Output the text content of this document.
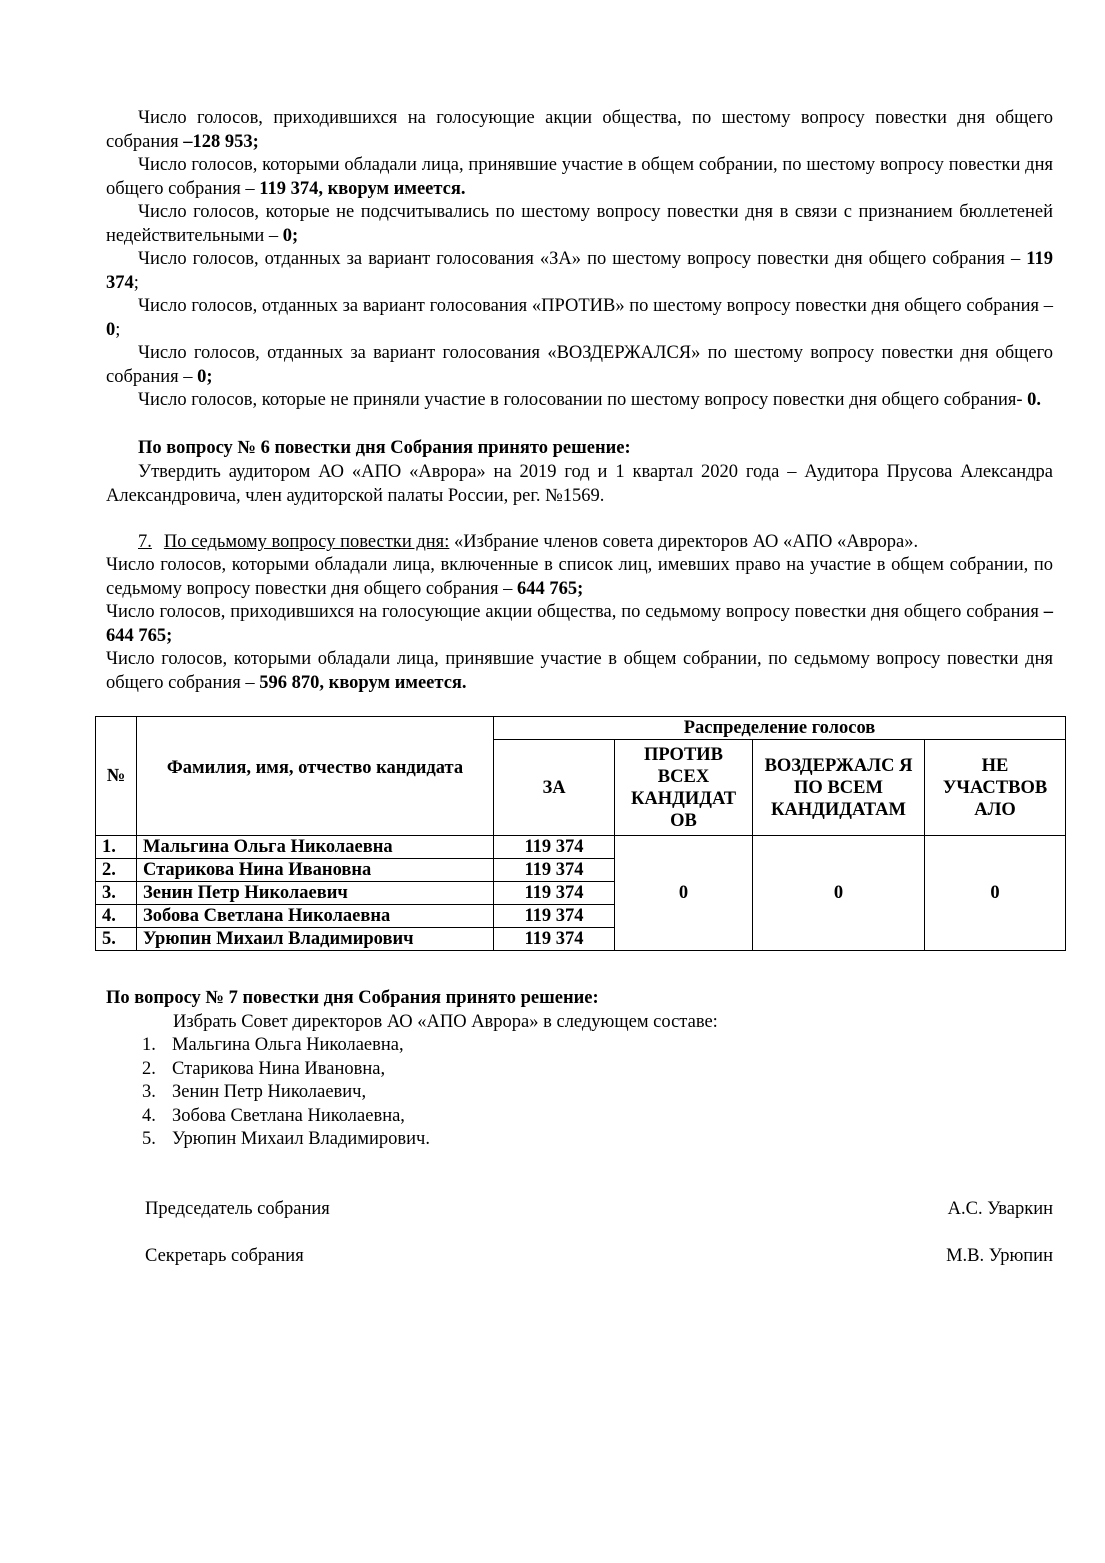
Число голосов, приходившихся на голосующие акции общества, по шестому вопросу повестки дня общего собрания –128 953;

Число голосов, которыми обладали лица, принявшие участие в общем собрании, по шестому вопросу повестки дня общего собрания – 119 374, кворум имеется.

Число голосов, которые не подсчитывались по шестому вопросу повестки дня в связи с признанием бюллетеней недействительными – 0;

Число голосов, отданных за вариант голосования «ЗА» по шестому вопросу повестки дня общего собрания – 119 374;

Число голосов, отданных за вариант голосования «ПРОТИВ» по шестому вопросу повестки дня общего собрания – 0;

Число голосов, отданных за вариант голосования «ВОЗДЕРЖАЛСЯ» по шестому вопросу повестки дня общего собрания – 0;

Число голосов, которые не приняли участие в голосовании по шестому вопросу повестки дня общего собрания- 0.

По вопросу № 6 повестки дня Собрания принято решение:

Утвердить аудитором АО «АПО «Аврора» на 2019 год и 1 квартал 2020 года – Аудитора Прусова Александра Александровича, член аудиторской палаты России, рег. №1569.

7. По седьмому вопросу повестки дня: «Избрание членов совета директоров АО «АПО «Аврора».

Число голосов, которыми обладали лица, включенные в список лиц, имевших право на участие в общем собрании, по седьмому вопросу повестки дня общего собрания – 644 765;

Число голосов, приходившихся на голосующие акции общества, по седьмому вопросу повестки дня общего собрания – 644 765;

Число голосов, которыми обладали лица, принявшие участие в общем собрании, по седьмому вопросу повестки дня общего собрания – 596 870, кворум имеется.

№	Фамилия, имя, отчество кандидата	Распределение голосов			
		ЗА	ПРОТИВ ВСЕХ КАНДИДАТ ОВ	ВОЗДЕРЖАЛС Я ПО ВСЕМ КАНДИДАТАМ	НЕ УЧАСТВОВ АЛО
1.	Мальгина Ольга Николаевна	119 374	0	0	0
2.	Старикова Нина Ивановна	119 374			
3.	Зенин Петр Николаевич	119 374			
4.	Зобова Светлана Николаевна	119 374			
5.	Урюпин Михаил Владимирович	119 374			

По вопросу № 7 повестки дня Собрания принято решение:

Избрать Совет директоров АО «АПО Аврора» в следующем составе:

1. Мальгина Ольга Николаевна,
2. Старикова Нина Ивановна,
3. Зенин Петр Николаевич,
4. Зобова Светлана Николаевна,
5. Урюпин Михаил Владимирович.
Председатель собрания	А.С. Уваркин
Секретарь собрания	М.В. Урюпин
